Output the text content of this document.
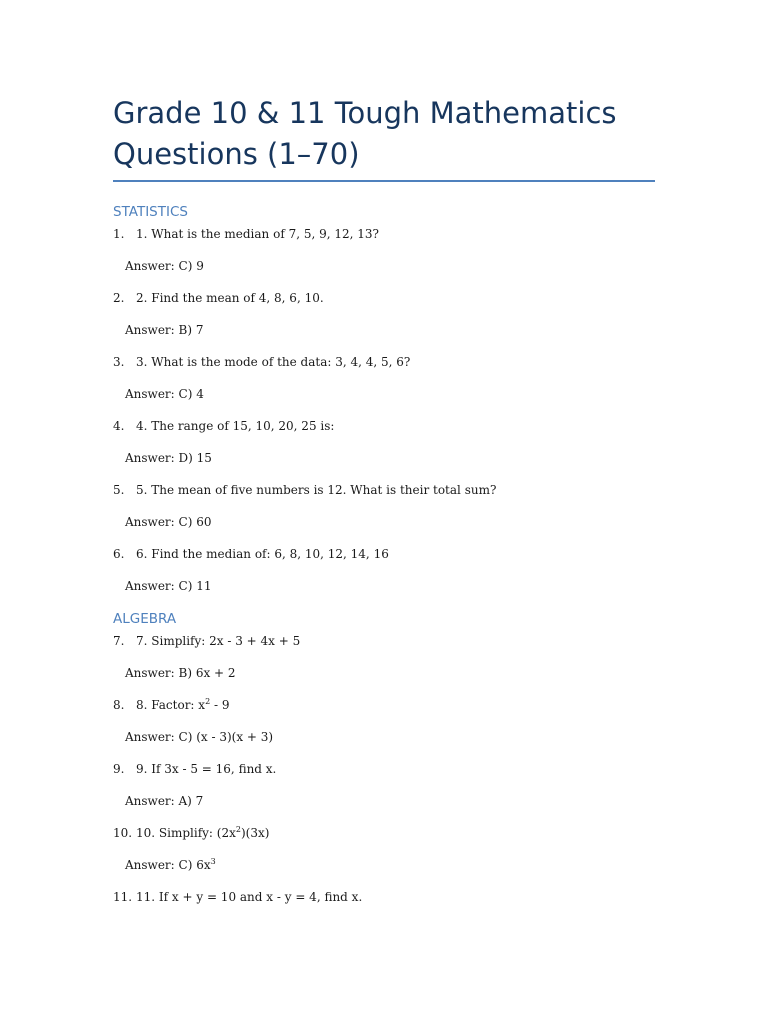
Grade 10 & 11 Tough Mathematics Questions (1–70)
STATISTICS
1. 1. What is the median of 7, 5, 9, 12, 13?
Answer: C) 9
2. 2. Find the mean of 4, 8, 6, 10.
Answer: B) 7
3. 3. What is the mode of the data: 3, 4, 4, 5, 6?
Answer: C) 4
4. 4. The range of 15, 10, 20, 25 is:
Answer: D) 15
5. 5. The mean of five numbers is 12. What is their total sum?
Answer: C) 60
6. 6. Find the median of: 6, 8, 10, 12, 14, 16
Answer: C) 11
ALGEBRA
7. 7. Simplify: 2x - 3 + 4x + 5
Answer: B) 6x + 2
8. 8. Factor: $x^2 - 9$
Answer: C) (x - 3)(x + 3)
9. 9. If 3x - 5 = 16, find x.
Answer: A) 7
10. 10. Simplify: $(2x^2)(3x)$
Answer: C) $6x^3$
11. 11. If x + y = 10 and x - y = 4, find x.
